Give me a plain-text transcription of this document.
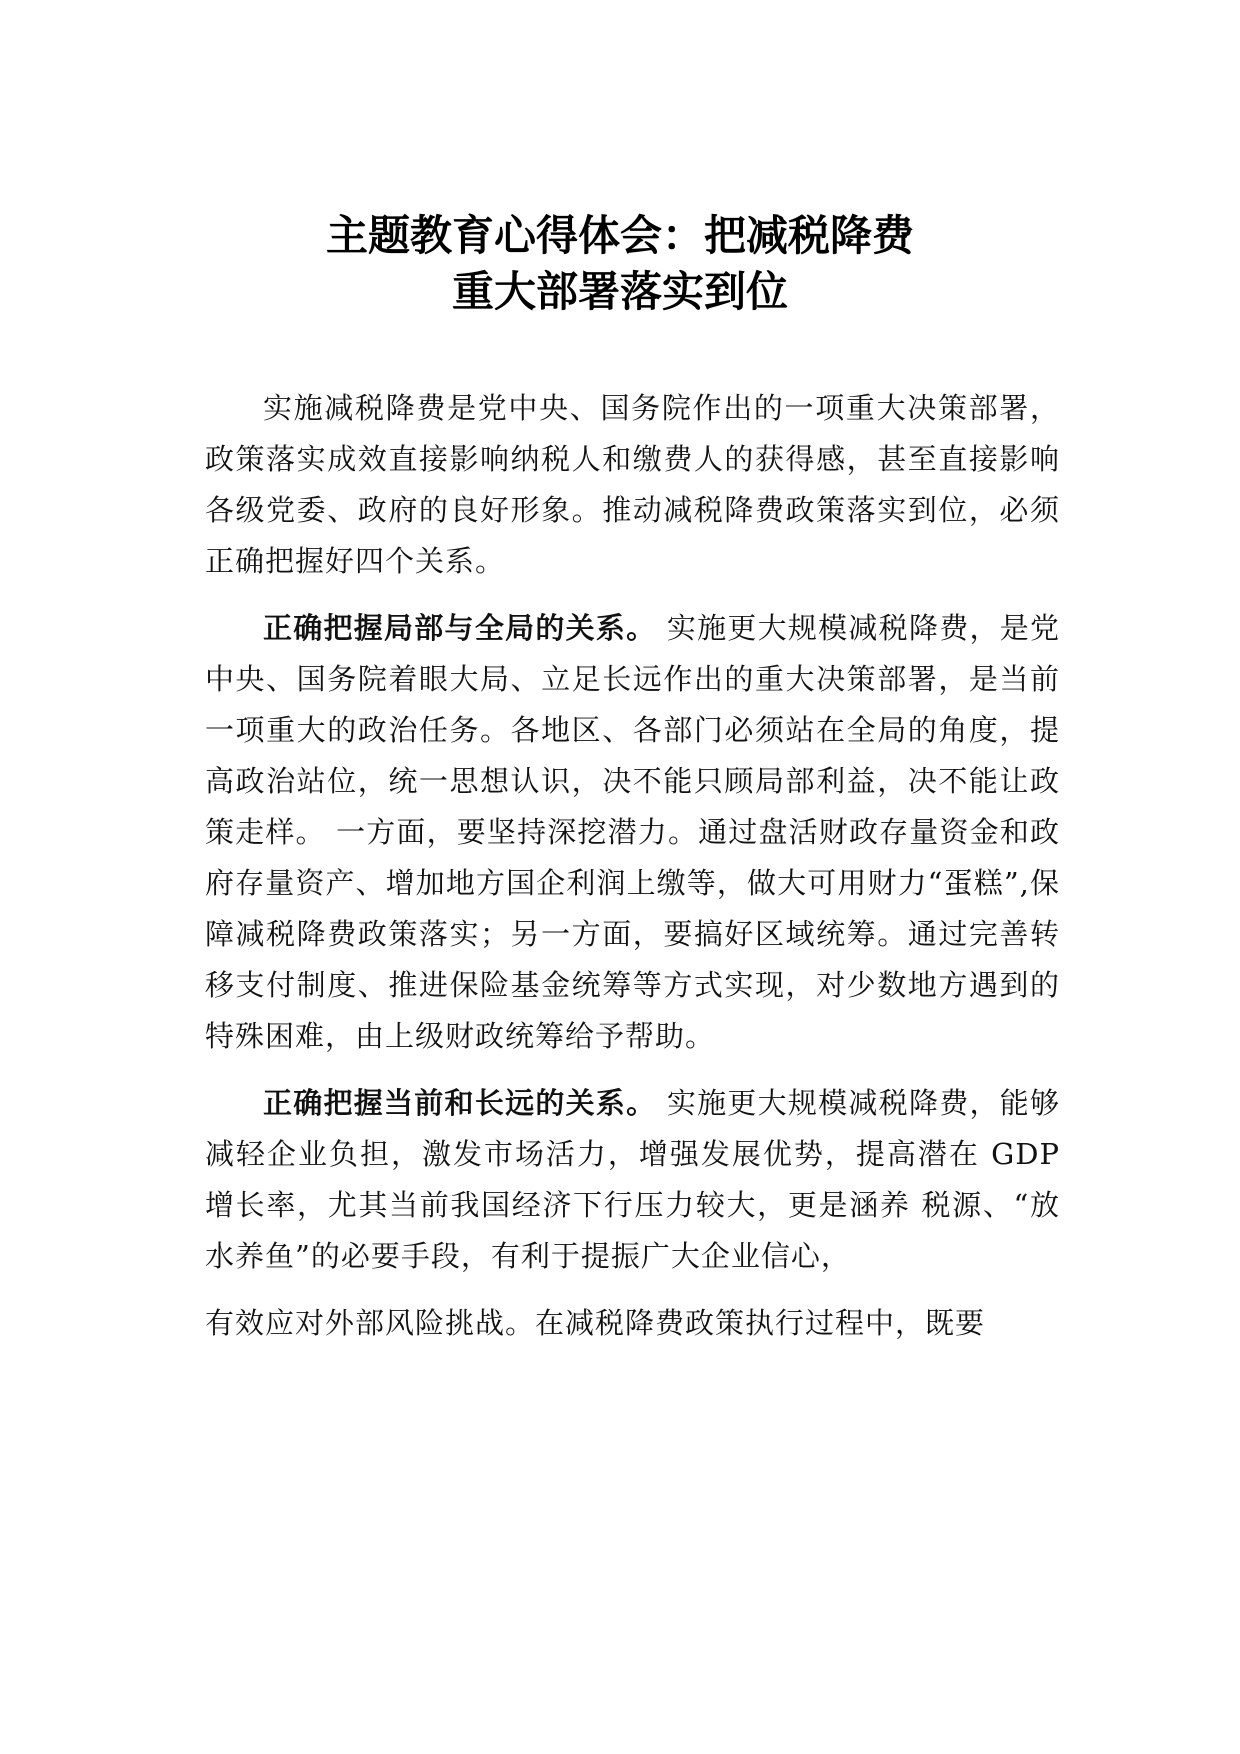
主题教育心得体会：把减税降费
重大部署落实到位

实施减税降费是党中央、国务院作出的一项重大决策部署，政策落实成效直接影响纳税人和缴费人的获得感，甚至直接影响各级党委、政府的良好形象。推动减税降费政策落实到位，必须正确把握好四个关系。

正确把握局部与全局的关系。 实施更大规模减税降费，是党中央、国务院着眼大局、立足长远作出的重大决策部署，是当前一项重大的政治任务。各地区、各部门必须站在全局的角度，提高政治站位，统一思想认识，决不能只顾局部利益，决不能让政策走样。 一方面，要坚持深挖潜力。通过盘活财政存量资金和政府存量资产、增加地方国企利润上缴等，做大可用财力“蛋糕”,保障减税降费政策落实；另一方面，要搞好区域统筹。通过完善转移支付制度、推进保险基金统筹等方式实现，对少数地方遇到的特殊困难，由上级财政统筹给予帮助。

正确把握当前和长远的关系。 实施更大规模减税降费，能够减轻企业负担，激发市场活力，增强发展优势，提高潜在 GDP 增长率，尤其当前我国经济下行压力较大，更是涵养 税源、“放水养鱼”的必要手段，有利于提振广大企业信心，

有效应对外部风险挑战。在减税降费政策执行过程中，既要
